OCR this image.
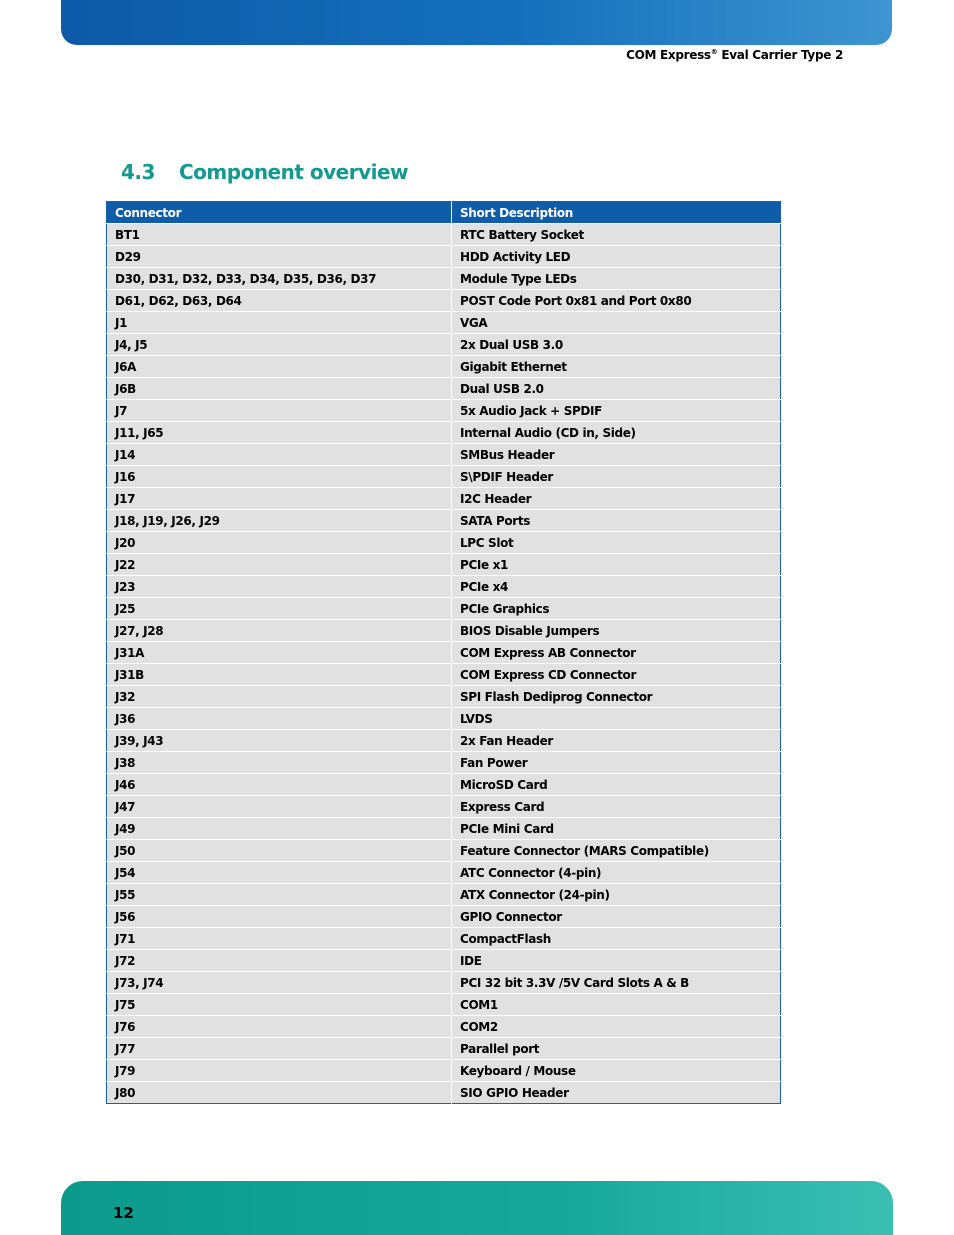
COM Express® Eval Carrier Type 2
4.3 Component overview
Connector	Short Description
BT1	RTC Battery Socket
D29	HDD Activity LED
D30, D31, D32, D33, D34, D35, D36, D37	Module Type LEDs
D61, D62, D63, D64	POST Code Port 0x81 and Port 0x80
J1	VGA
J4, J5	2x Dual USB 3.0
J6A	Gigabit Ethernet
J6B	Dual USB 2.0
J7	5x Audio Jack + SPDIF
J11, J65	Internal Audio (CD in, Side)
J14	SMBus Header
J16	S\PDIF Header
J17	I2C Header
J18, J19, J26, J29	SATA Ports
J20	LPC Slot
J22	PCIe x1
J23	PCIe x4
J25	PCIe Graphics
J27, J28	BIOS Disable Jumpers
J31A	COM Express AB Connector
J31B	COM Express CD Connector
J32	SPI Flash Dediprog Connector
J36	LVDS
J39, J43	2x Fan Header
J38	Fan Power
J46	MicroSD Card
J47	Express Card
J49	PCIe Mini Card
J50	Feature Connector (MARS Compatible)
J54	ATC Connector (4-pin)
J55	ATX Connector (24-pin)
J56	GPIO Connector
J71	CompactFlash
J72	IDE
J73, J74	PCI 32 bit 3.3V /5V Card Slots A & B
J75	COM1
J76	COM2
J77	Parallel port
J79	Keyboard / Mouse
J80	SIO GPIO Header
12
